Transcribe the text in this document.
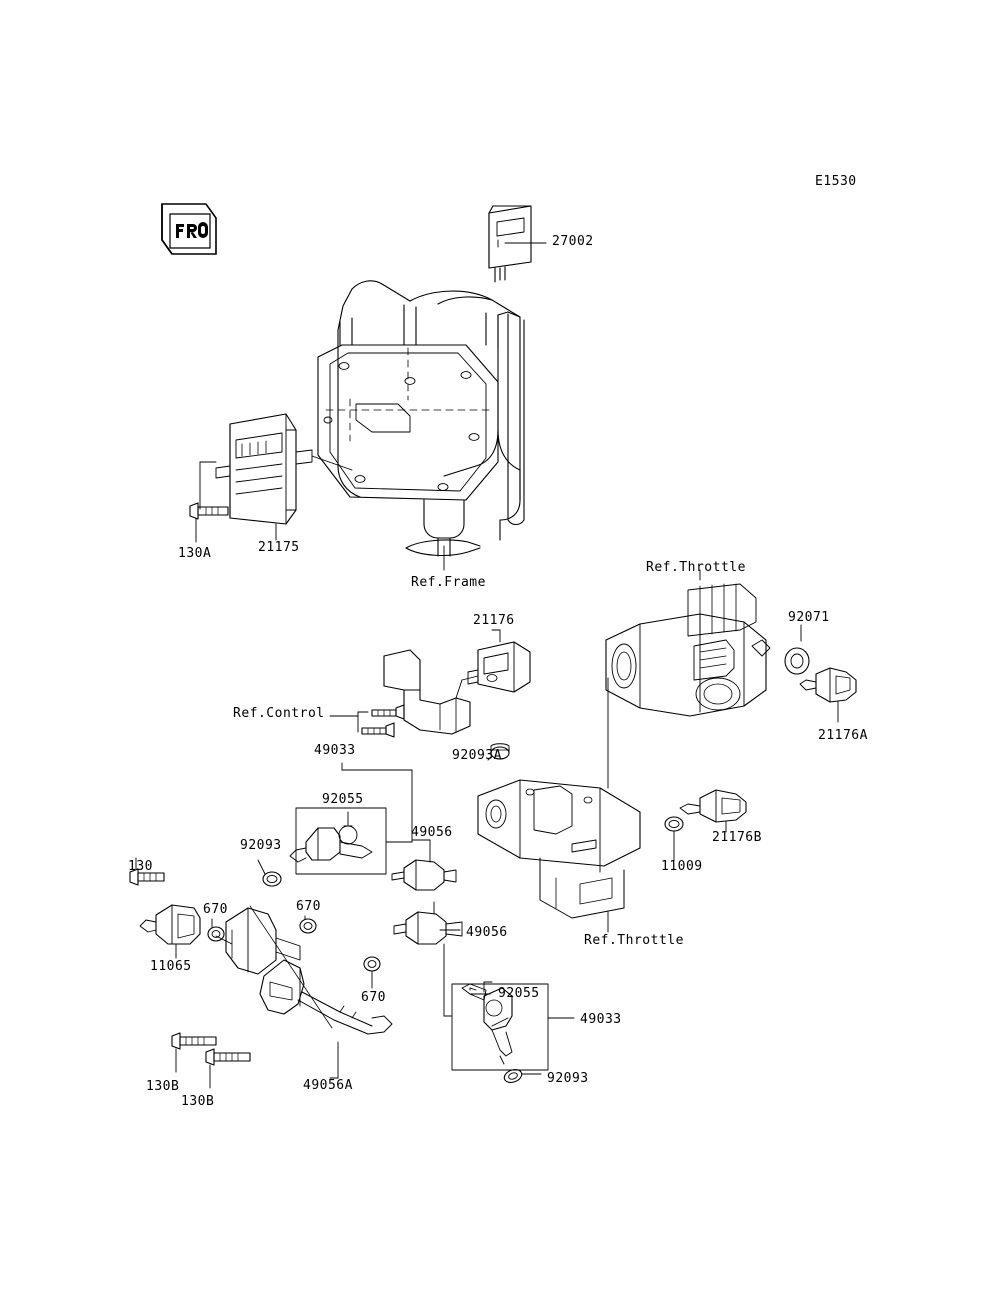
E1530
27002
130A	21175
Ref.Frame
Ref.Throttle
92071
21176
21176A
Ref.Control
92093A
49033
92055
49056	21176B
92093
11009
130
670	670
49056
Ref.Throttle
11065
670	92055
49033
130B
130B
49056A	92093
